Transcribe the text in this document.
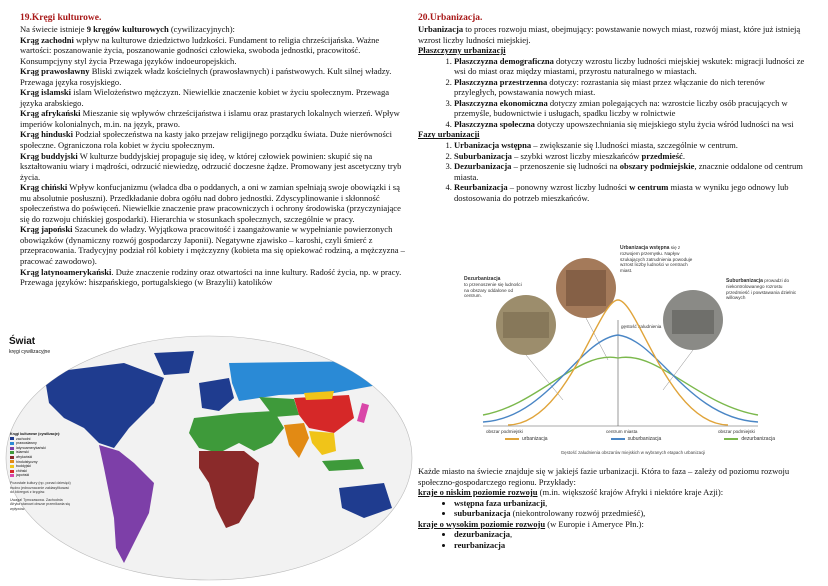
19.Kręgi kulturowe.

Na świecie istnieje 9 kręgów kulturowych (cywilizacyjnych):

Krąg zachodni wpływ na kulturowe dziedzictwo ludzkości. Fundament to religia chrześcijańska. Ważne wartości: poszanowanie życia, poszanowanie godności człowieka, swoboda jednostki, pracowitość. Konsumpcjyny styl życia Przewaga języków indoeuropejskich.

Krąg prawosławny Bliski związek władz kościelnych (prawosławnych) i państwowych. Kult silnej władzy. Przewaga języka rosyjskiego.

Krąg islamski islam Wielożeństwo mężczyzn. Niewielkie znaczenie kobiet w życiu społecznym. Przewaga języka arabskiego.

Krąg afrykański Mieszanie się wpływów chrześcijaństwa i islamu oraz prastarych lokalnych wierzeń. Wpływ imperiów kolonialnych, m.in. na język, prawo.

Krąg hinduski Podział społeczeństwa na kasty jako przejaw religijnego porządku świata. Duże nierówności społeczne. Ograniczona rola kobiet w życiu społecznym.

Krąg buddyjski W kulturze buddyjskiej propaguje się ideę, w której człowiek powinien: skupić się na kształtowaniu wiary i mądrości, odrzucić niewiedzę, odrzucić doczesne żądze. Promowany jest ascetyczny tryb życia.

Krąg chiński Wpływ konfucjanizmu (władca dba o poddanych, a oni w zamian spełniają swoje obowiązki i są mu absolutnie posłuszni). Przedkładanie dobra ogółu nad dobro jednostki. Zdyscyplinowanie i skłonność społeczeństwa do poświęceń. Niewielkie znaczenie praw pracowniczych i ochrony środowiska (przyczyniające się do rozwoju chińskiej gospodarki). Hierarchia w stosunkach społecznych, szczególnie w pracy.

Krąg japoński Szacunek do władzy. Wyjątkowa pracowitość i zaangażowanie w wypełnianie powierzonych obowiązków (dynamiczny rozwój gospodarczy Japonii). Negatywne zjawisko – karoshi, czyli śmierć z przepracowania. Tradycyjny podział ról kobiety i mężczyzny (kobieta ma się opiekować rodziną, a mężczyzna – pracować zawodowo).

Krąg latynoamerykański. Duże znaczenie rodziny oraz otwartości na inne kultury. Radość życia, np. w pracy. Przewaga języków: hiszpańskiego, portugalskiego (w Brazylii) katolików

Świat
kręgi cywilizacyjne
Kręgi kulturowe (cywilizacje):
zachodni
prawosławny
latynoamerykański
islamski
afrykański
hinduistyczny
buddyjski
chiński
japoński
Pozostałe kultury (np. ponad dziesięć) trudno jednoznacznie zaklasyfikować do któregoś z kręgów.
Uwaga! Tymczasowa. Zachodnia Afryka stanowi obszar przenikania się wpływów.
20.Urbanizacja.

Urbanizacja to proces rozwoju miast, obejmujący: powstawanie nowych miast, rozwój miast, które już istnieją wzrost liczby ludności miejskiej.

Płaszczyzny urbanizacji
1. Płaszczyzna demograficzna dotyczy wzrostu liczby ludności miejskiej wskutek: migracji ludności ze wsi do miast oraz między miastami, przyrostu naturalnego w miastach.
2. Płaszczyzna przestrzenna dotyczy: rozrastania się miast przez włączanie do nich terenów przyległych, powstawania nowych miast.
3. Płaszczyzna ekonomiczna dotyczy zmian polegających na: wzrostcie liczby osób pracujących w przemyśle, budownictwie i usługach, spadku liczby w rolnictwie
4. Płaszczyzna społeczna dotyczy upowszechniania się miejskiego stylu życia wśród ludności na wsi
Fazy urbanizacji
1. Urbanizacja wstępna – zwiększanie się l.ludności miasta, szczególnie w centrum.
2. Suburbanizacja – szybki wzrost liczby mieszkańców przedmieść.
3. Dezurbanizacja – przenoszenie się ludności na obszary podmiejskie, znacznie oddalone od centrum miasta.
4. Reurbanizacja – ponowny wzrost liczby ludności w centrum miasta w wyniku jego odnowy lub dostosowania do potrzeb mieszkańców.
gęstość zaludnienia
obszar podmiejski	centrum miasta	obszar podmiejski
Dezurbanizacja
to przenoszenie się ludności na obszary oddalone od centrum.
Urbanizacja wstępna się z rozwojem przemysłu. Napływ szukających zatrudnienia powoduje wzrost liczby ludności w centrach miast.
Suburbanizacja prowadzi do niekontrolowanego rozrostu przedmieść i powstawania dzielnic willowych
urbanizacja	suburbanizacja	dezurbanizacja
Gęstość zaludnienia obszarów miejskich w wybranych etapach urbanizacji

Każde miasto na świecie znajduje się w jakiejś fazie urbanizacji. Która to faza – zależy od poziomu rozwoju społeczno-gospodarczego regionu. Przykłady:

kraje o niskim poziomie rozwoju (m.in. większość krajów Afryki i niektóre kraje Azji):

• wstępna faza urbanizacji,
• suburbanizacja (niekontrolowany rozwój przedmieść),

kraje o wysokim poziomie rozwoju (w Europie i Ameryce Płn.):

• dezurbanizacja,
• reurbanizacja
